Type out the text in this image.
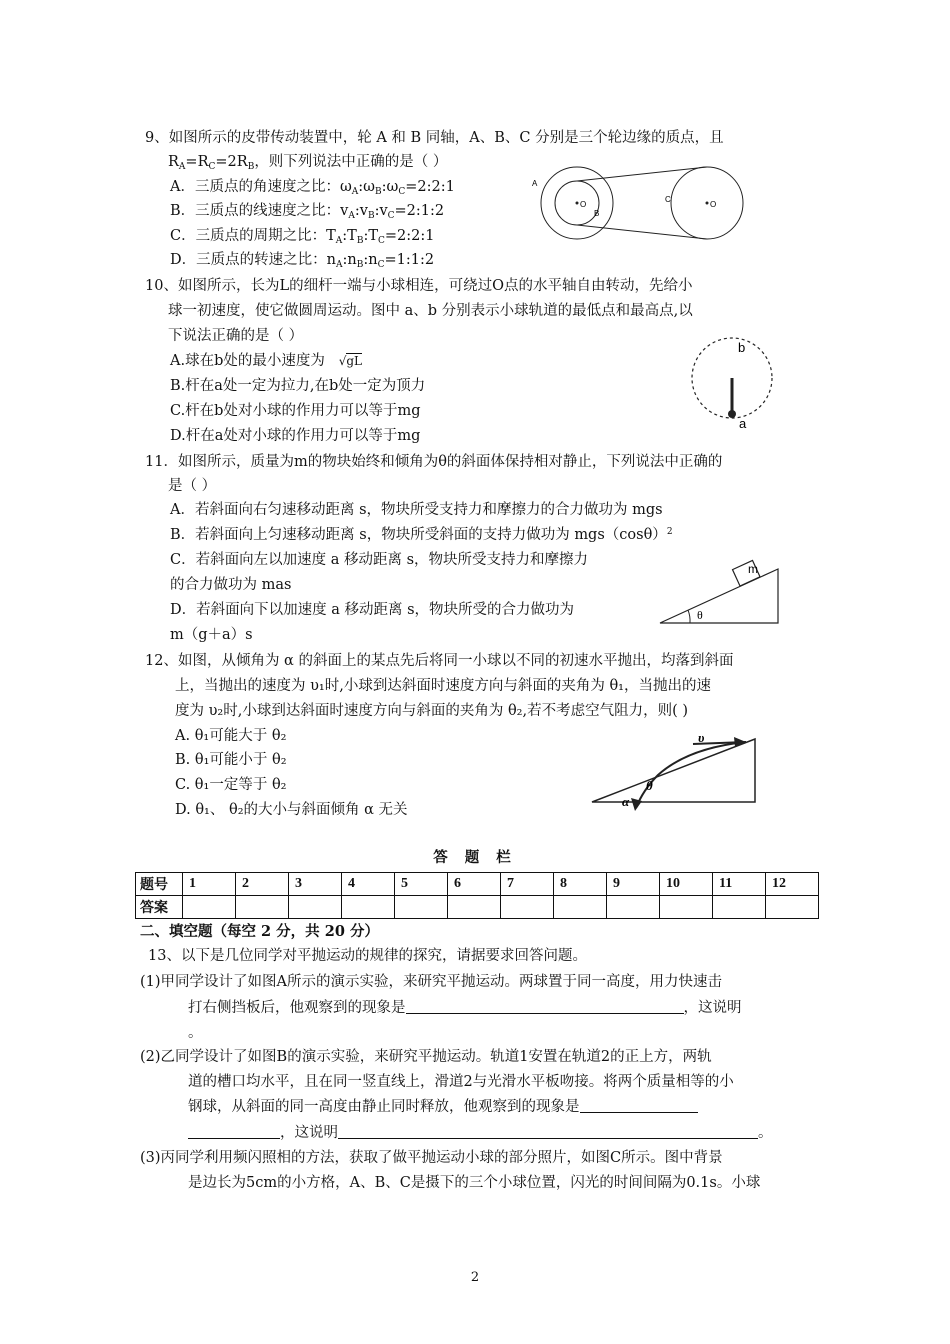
9、如图所示的皮带传动装置中，轮 A 和 B 同轴，A、B、C 分别是三个轮边缘的质点，且
$R_A=R_C=2R_B$，则下列说法中正确的是（ ）
A．三质点的角速度之比：$\omega_A:\omega_B:\omega_C=2:2:1$
B．三质点的线速度之比：$v_A:v_B:v_C=2:1:2$
C．三质点的周期之比：$T_A:T_B:T_C=2:2:1$
D．三质点的转速之比：$n_A:n_B:n_C=1:1:2$
O	O
A
B
C
10、如图所示，长为L的细杆一端与小球相连，可绕过O点的水平轴自由转动，先给小
球一初速度，使它做圆周运动。图中 a、b 分别表示小球轨道的最低点和最高点,以
下说法正确的是（ ）
A.球在b处的最小速度为 √gL
B.杆在a处一定为拉力,在b处一定为顶力
C.杆在b处对小球的作用力可以等于mg
D.杆在a处对小球的作用力可以等于mg
b
a
11．如图所示，质量为m的物块始终和倾角为θ的斜面体保持相对静止，下列说法中正确的
是（ ）
A．若斜面向右匀速移动距离 s，物块所受支持力和摩擦力的合力做功为 mgs
B．若斜面向上匀速移动距离 s，物块所受斜面的支持力做功为 $mgs(\cos\theta)^2$
C．若斜面向左以加速度 a 移动距离 s，物块所受支持力和摩擦力
的合力做功为 mas
D．若斜面向下以加速度 a 移动距离 s，物块所受的合力做功为
m（g＋a）s
m
θ
12、如图，从倾角为 α 的斜面上的某点先后将同一小球以不同的初速水平抛出，均落到斜面
上，当抛出的速度为 υ₁时,小球到达斜面时速度方向与斜面的夹角为 θ₁，当抛出的速
度为 υ₂时,小球到达斜面时速度方向与斜面的夹角为 θ₂,若不考虑空气阻力，则( )
A. θ₁可能大于 θ₂
B. θ₁可能小于 θ₂
C. θ₁一定等于 θ₂
D. θ₁、 θ₂的大小与斜面倾角 α 无关
υ
α
θ
答 题 栏
题号	1	2	3	4	5	6	7	8	9	10	11	12
答案												
二、填空题（每空 2 分，共 20 分）
13、以下是几位同学对平抛运动的规律的探究，请据要求回答问题。
(1)甲同学设计了如图A所示的演示实验，来研究平抛运动。两球置于同一高度，用力快速击
打右侧挡板后，他观察到的现象是	，这说明
。
(2)乙同学设计了如图B的演示实验，来研究平抛运动。轨道1安置在轨道2的正上方，两轨
道的槽口均水平，且在同一竖直线上，滑道2与光滑水平板吻接。将两个质量相等的小
钢球，从斜面的同一高度由静止同时释放，他观察到的现象是
，这说明	。
(3)丙同学利用频闪照相的方法，获取了做平抛运动小球的部分照片，如图C所示。图中背景
是边长为5cm的小方格，A、B、C是摄下的三个小球位置，闪光的时间间隔为0.1s。小球
2
